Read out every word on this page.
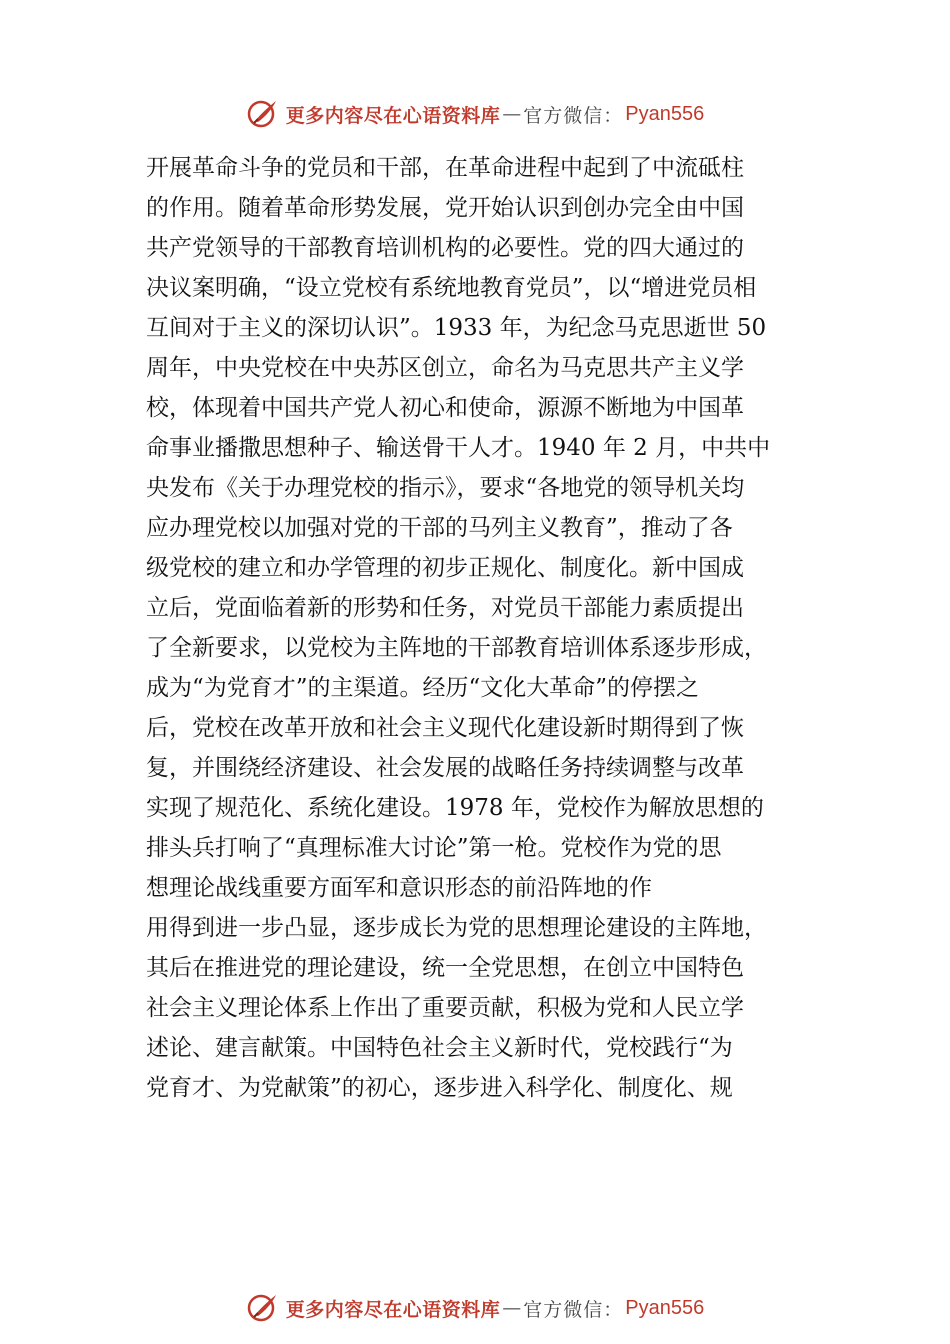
更多内容尽在心语资料库 — 官方微信： Pyan556
开展革命斗争的党员和干部，在革命进程中起到了中流砥柱
的作用。随着革命形势发展，党开始认识到创办完全由中国
共产党领导的干部教育培训机构的必要性。党的四大通过的
决议案明确，“设立党校有系统地教育党员”，以“增进党员相
互间对于主义的深切认识”。1933 年，为纪念马克思逝世 50
周年，中央党校在中央苏区创立，命名为马克思共产主义学
校，体现着中国共产党人初心和使命，源源不断地为中国革
命事业播撒思想种子、输送骨干人才。1940 年 2 月，中共中
央发布《关于办理党校的指示》，要求“各地党的领导机关均
应办理党校以加强对党的干部的马列主义教育”，推动了各
级党校的建立和办学管理的初步正规化、制度化。新中国成
立后，党面临着新的形势和任务，对党员干部能力素质提出
了全新要求，以党校为主阵地的干部教育培训体系逐步形成，
成为“为党育才”的主渠道。经历“文化大革命”的停摆之
后，党校在改革开放和社会主义现代化建设新时期得到了恢
复，并围绕经济建设、社会发展的战略任务持续调整与改革
实现了规范化、系统化建设。1978 年，党校作为解放思想的
排头兵打响了“真理标准大讨论”第一枪。党校作为党的思
想理论战线重要方面军和意识形态的前沿阵地的作
用得到进一步凸显，逐步成长为党的思想理论建设的主阵地，
其后在推进党的理论建设，统一全党思想，在创立中国特色
社会主义理论体系上作出了重要贡献，积极为党和人民立学
述论、建言献策。中国特色社会主义新时代，党校践行“为
党育才、为党献策”的初心，逐步进入科学化、制度化、规
更多内容尽在心语资料库 — 官方微信： Pyan556
